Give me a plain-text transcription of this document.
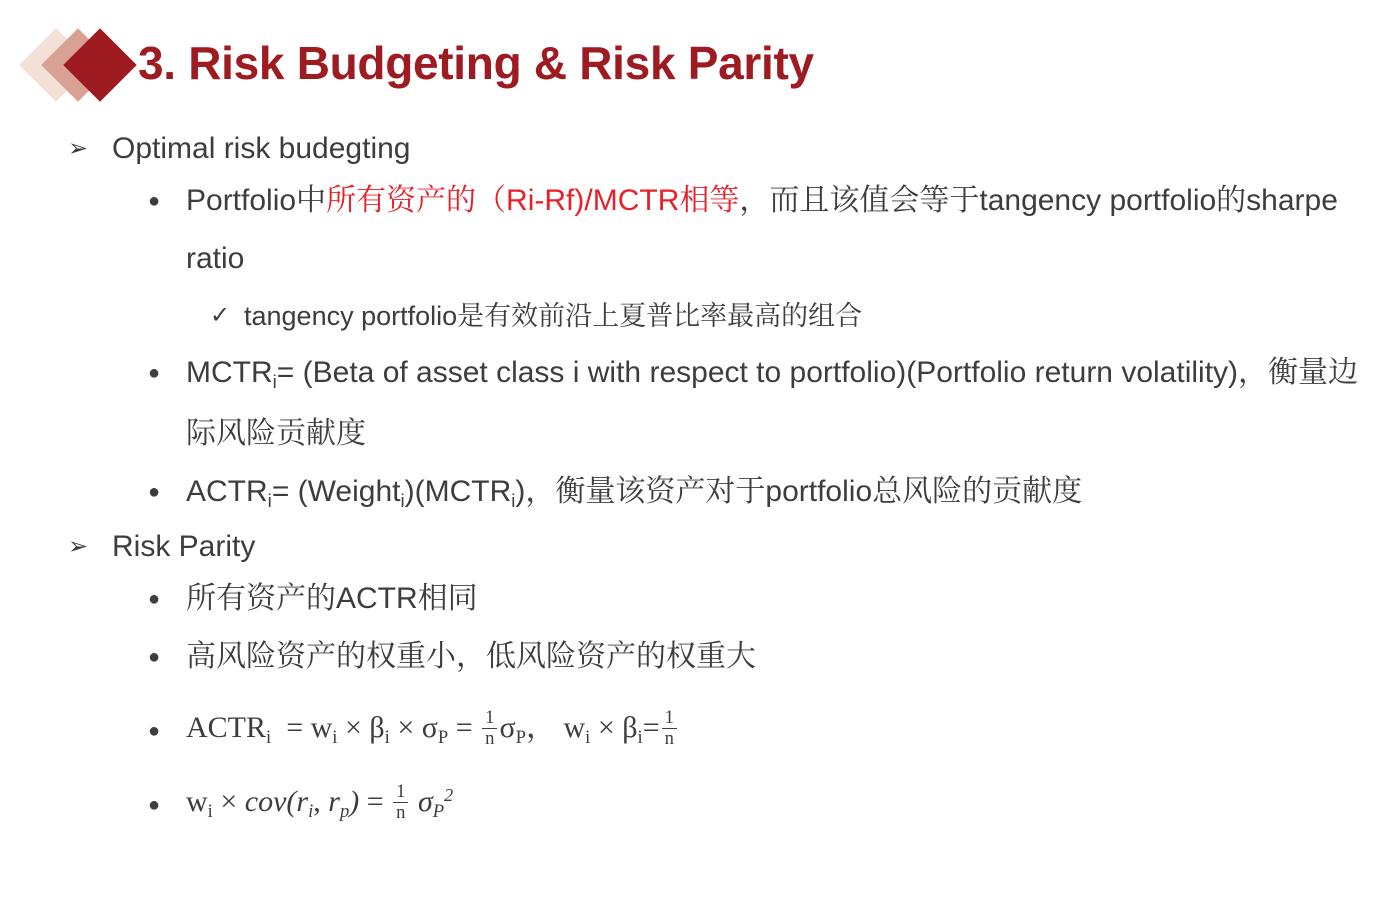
3. Risk Budgeting & Risk Parity
➢ Optimal risk budegting
● Portfolio中所有资产的（Ri-Rf)/MCTR相等，而且该值会等于tangency portfolio的sharpe ratio
✓ tangency portfolio是有效前沿上夏普比率最高的组合
● $MCTR_i=$ (Beta of asset class i with respect to portfolio)(Portfolio return volatility)，衡量边际风险贡献度
● $ACTR_i=$ $(Weight_i)(MCTR_i)$，衡量该资产对于portfolio总风险的贡献度
➢ Risk Parity
● 所有资产的ACTR相同
● 高风险资产的权重小，低风险资产的权重大
● $ACTR_i = w_i \times \beta_i \times \sigma_P = \frac{1}{n} \sigma_P$， $w_i \times \beta_i= \frac{1}{n}$
● $w_i \times cov(r_i$, $r_p) = \frac{1}{n} \sigma_P^2$
